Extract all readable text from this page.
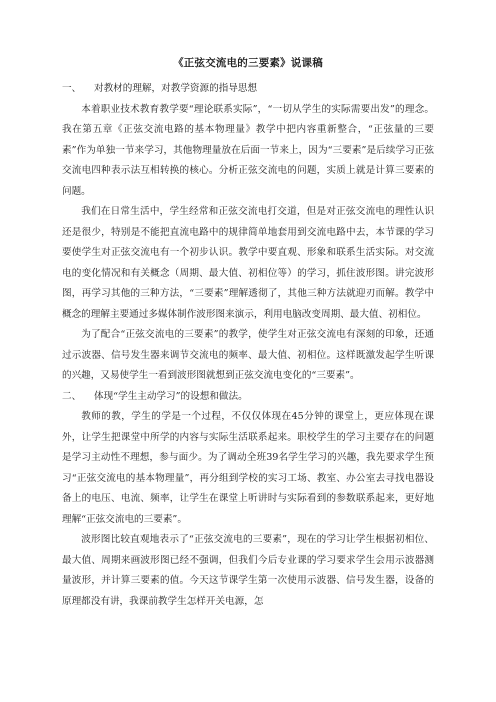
《正弦交流电的三要素》说课稿
一、 对教材的理解，对教学资源的指导思想

本着职业技术教育教学要“理论联系实际”，“一切从学生的实际需要出发”的理念。我在第五章《正弦交流电路的基本物理量》教学中把内容重新整合，“正弦量的三要素”作为单独一节来学习，其他物理量放在后面一节来上，因为“三要素”是后续学习正弦交流电四种表示法互相转换的核心。分析正弦交流电的问题，实质上就是计算三要素的问题。

我们在日常生活中，学生经常和正弦交流电打交道，但是对正弦交流电的理性认识还是很少，特别是不能把直流电路中的规律简单地套用到交流电路中去，本节课的学习要使学生对正弦交流电有一个初步认识。教学中要直观、形象和联系生活实际。对交流电的变化情况和有关概念（周期、最大值、初相位等）的学习，抓住波形图。讲完波形图，再学习其他的三种方法，“三要素”理解透彻了，其他三种方法就迎刃而解。教学中概念的理解主要通过多媒体制作波形图来演示，利用电脑改变周期、最大值、初相位。

为了配合“正弦交流电的三要素”的教学，使学生对正弦交流电有深刻的印象，还通过示波器、信号发生器来调节交流电的频率、最大值、初相位。这样既激发起学生听课的兴趣，又易使学生一看到波形图就想到正弦交流电变化的“三要素”。

二、 体现“学生主动学习”的设想和做法。

教师的教，学生的学是一个过程，不仅仅体现在45分钟的课堂上，更应体现在课外，让学生把课堂中所学的内容与实际生活联系起来。职校学生的学习主要存在的问题是学习主动性不理想，参与面少。为了调动全班39名学生学习的兴趣，我先要求学生预习“正弦交流电的基本物理量”，再分组到学校的实习工场、教室、办公室去寻找电器设备上的电压、电流、频率，让学生在课堂上听讲时与实际看到的参数联系起来，更好地理解“正弦交流电的三要素”。

波形图比较直观地表示了“正弦交流电的三要素”，现在的学习让学生根据初相位、最大值、周期来画波形图已经不强调，但我们今后专业课的学习要求学生会用示波器测量波形，并计算三要素的值。今天这节课学生第一次使用示波器、信号发生器，设备的原理都没有讲，我课前教学生怎样开关电源，怎
